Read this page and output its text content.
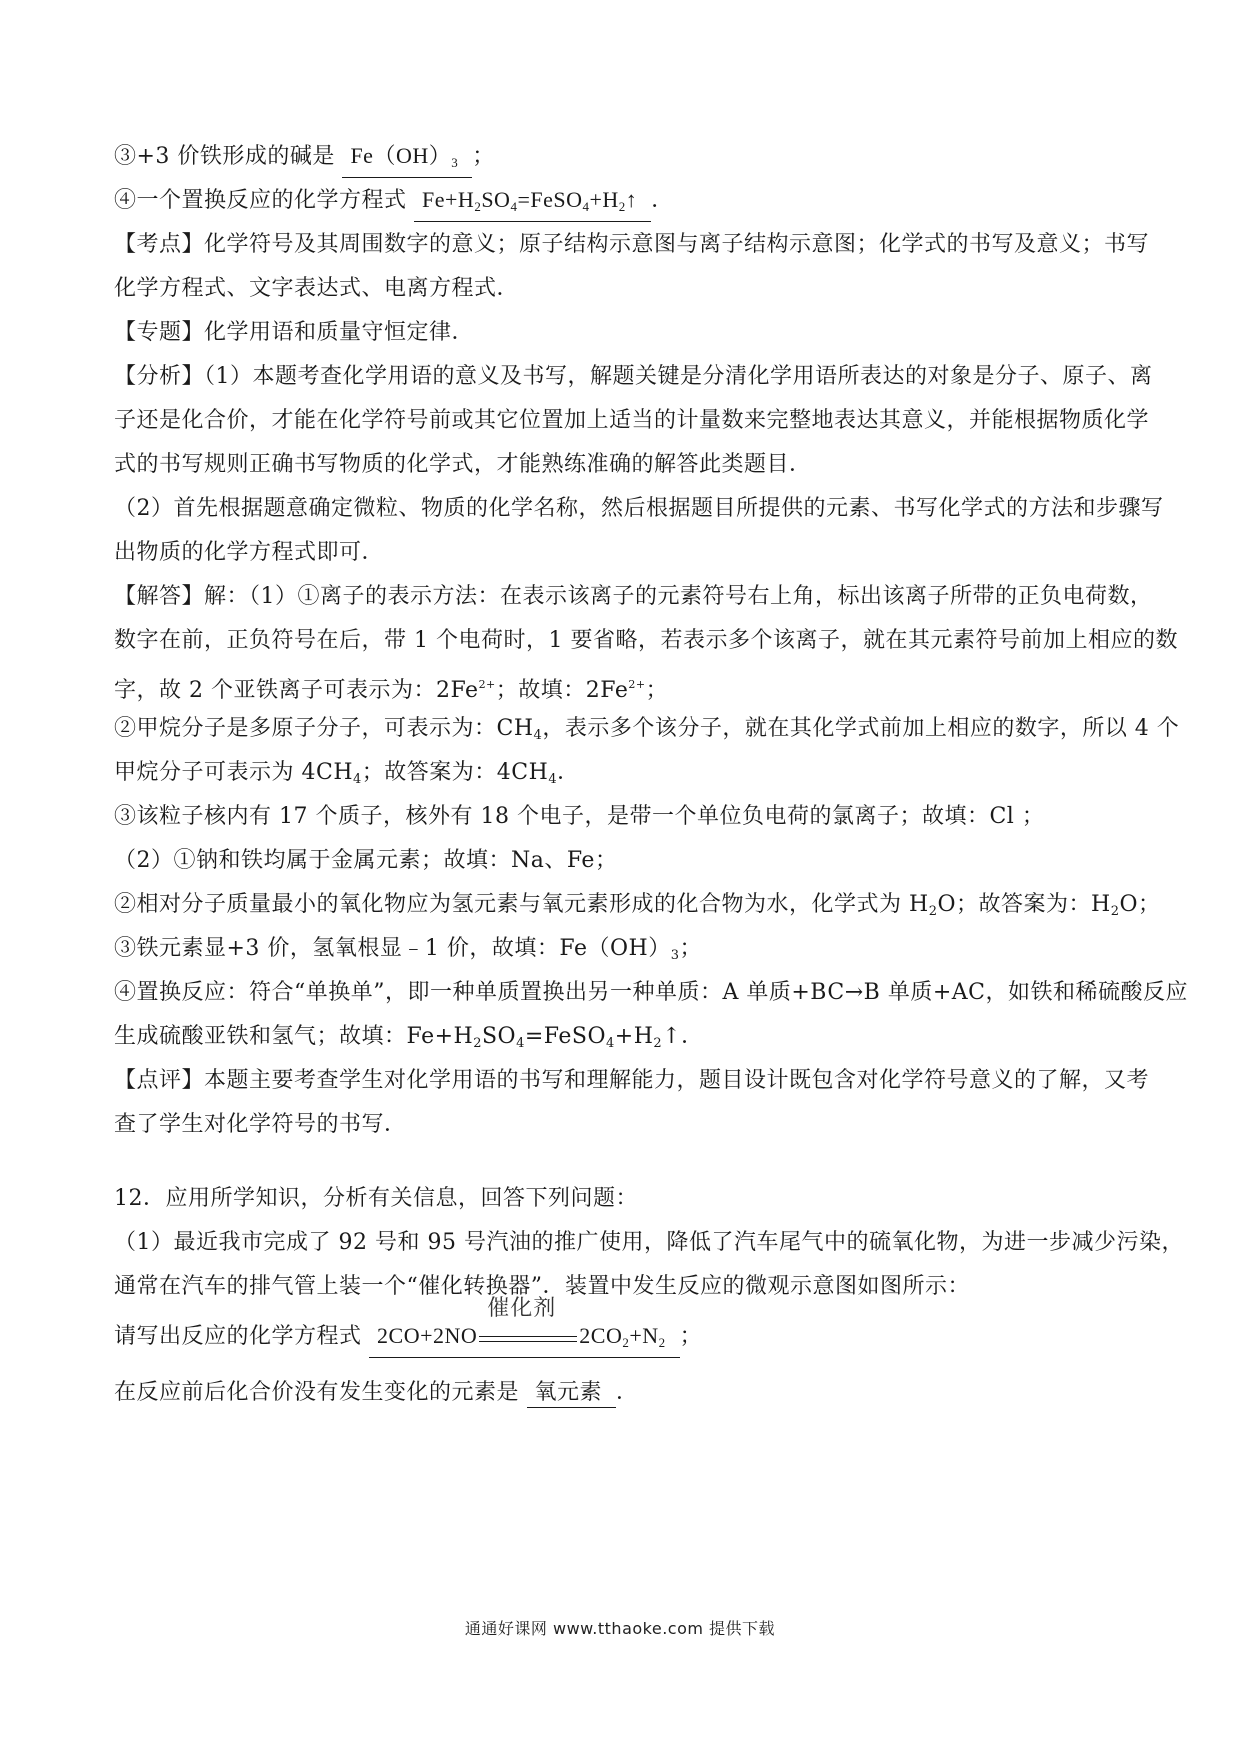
③+3 价铁形成的碱是 $Fe(OH)_3$ ；
④一个置换反应的化学方程式 $Fe+H_2SO_4=FeSO_4+H_2↑$ ．
【考点】化学符号及其周围数字的意义；原子结构示意图与离子结构示意图；化学式的书写及意义；书写
化学方程式、文字表达式、电离方程式．
【专题】化学用语和质量守恒定律．
【分析】（1）本题考查化学用语的意义及书写，解题关键是分清化学用语所表达的对象是分子、原子、离
子还是化合价，才能在化学符号前或其它位置加上适当的计量数来完整地表达其意义，并能根据物质化学
式的书写规则正确书写物质的化学式，才能熟练准确的解答此类题目．
（2）首先根据题意确定微粒、物质的化学名称，然后根据题目所提供的元素、书写化学式的方法和步骤写
出物质的化学方程式即可．
【解答】解：（1）①离子的表示方法：在表示该离子的元素符号右上角，标出该离子所带的正负电荷数，
数字在前，正负符号在后，带 1 个电荷时，1 要省略，若表示多个该离子，就在其元素符号前加上相应的数
字，故 2 个亚铁离子可表示为：$2Fe^{2+}$；故填：$2Fe^{2+}$；
②甲烷分子是多原子分子，可表示为：$CH_4$，表示多个该分子，就在其化学式前加上相应的数字，所以 4 个
甲烷分子可表示为 $4CH_4$；故答案为：$4CH_4$．
③该粒子核内有 17 个质子，核外有 18 个电子，是带一个单位负电荷的氯离子；故填：Cl ；
（2）①钠和铁均属于金属元素；故填：Na、Fe；
②相对分子质量最小的氧化物应为氢元素与氧元素形成的化合物为水，化学式为 $H_2O$；故答案为：$H_2O$；
③铁元素显+3 价，氢氧根显﹣1 价，故填：$Fe(OH)_3$；
④置换反应：符合“单换单”，即一种单质置换出另一种单质：A 单质+BC→B 单质+AC，如铁和稀硫酸反应
生成硫酸亚铁和氢气；故填：$Fe+H_2SO_4=FeSO_4+H_2↑$．
【点评】本题主要考查学生对化学用语的书写和理解能力，题目设计既包含对化学符号意义的了解，又考
查了学生对化学符号的书写．
12．应用所学知识，分析有关信息，回答下列问题：
（1）最近我市完成了 92 号和 95 号汽油的推广使用，降低了汽车尾气中的硫氧化物，为进一步减少污染，
通常在汽车的排气管上装一个“催化转换器”．装置中发生反应的微观示意图如图所示：
请写出反应的化学方程式 2CO+2NO
催化剂
$2CO_2+N_2$ ；
在反应前后化合价没有发生变化的元素是 氧元素 ．
通通好课网 www.tthaoke.com 提供下载
